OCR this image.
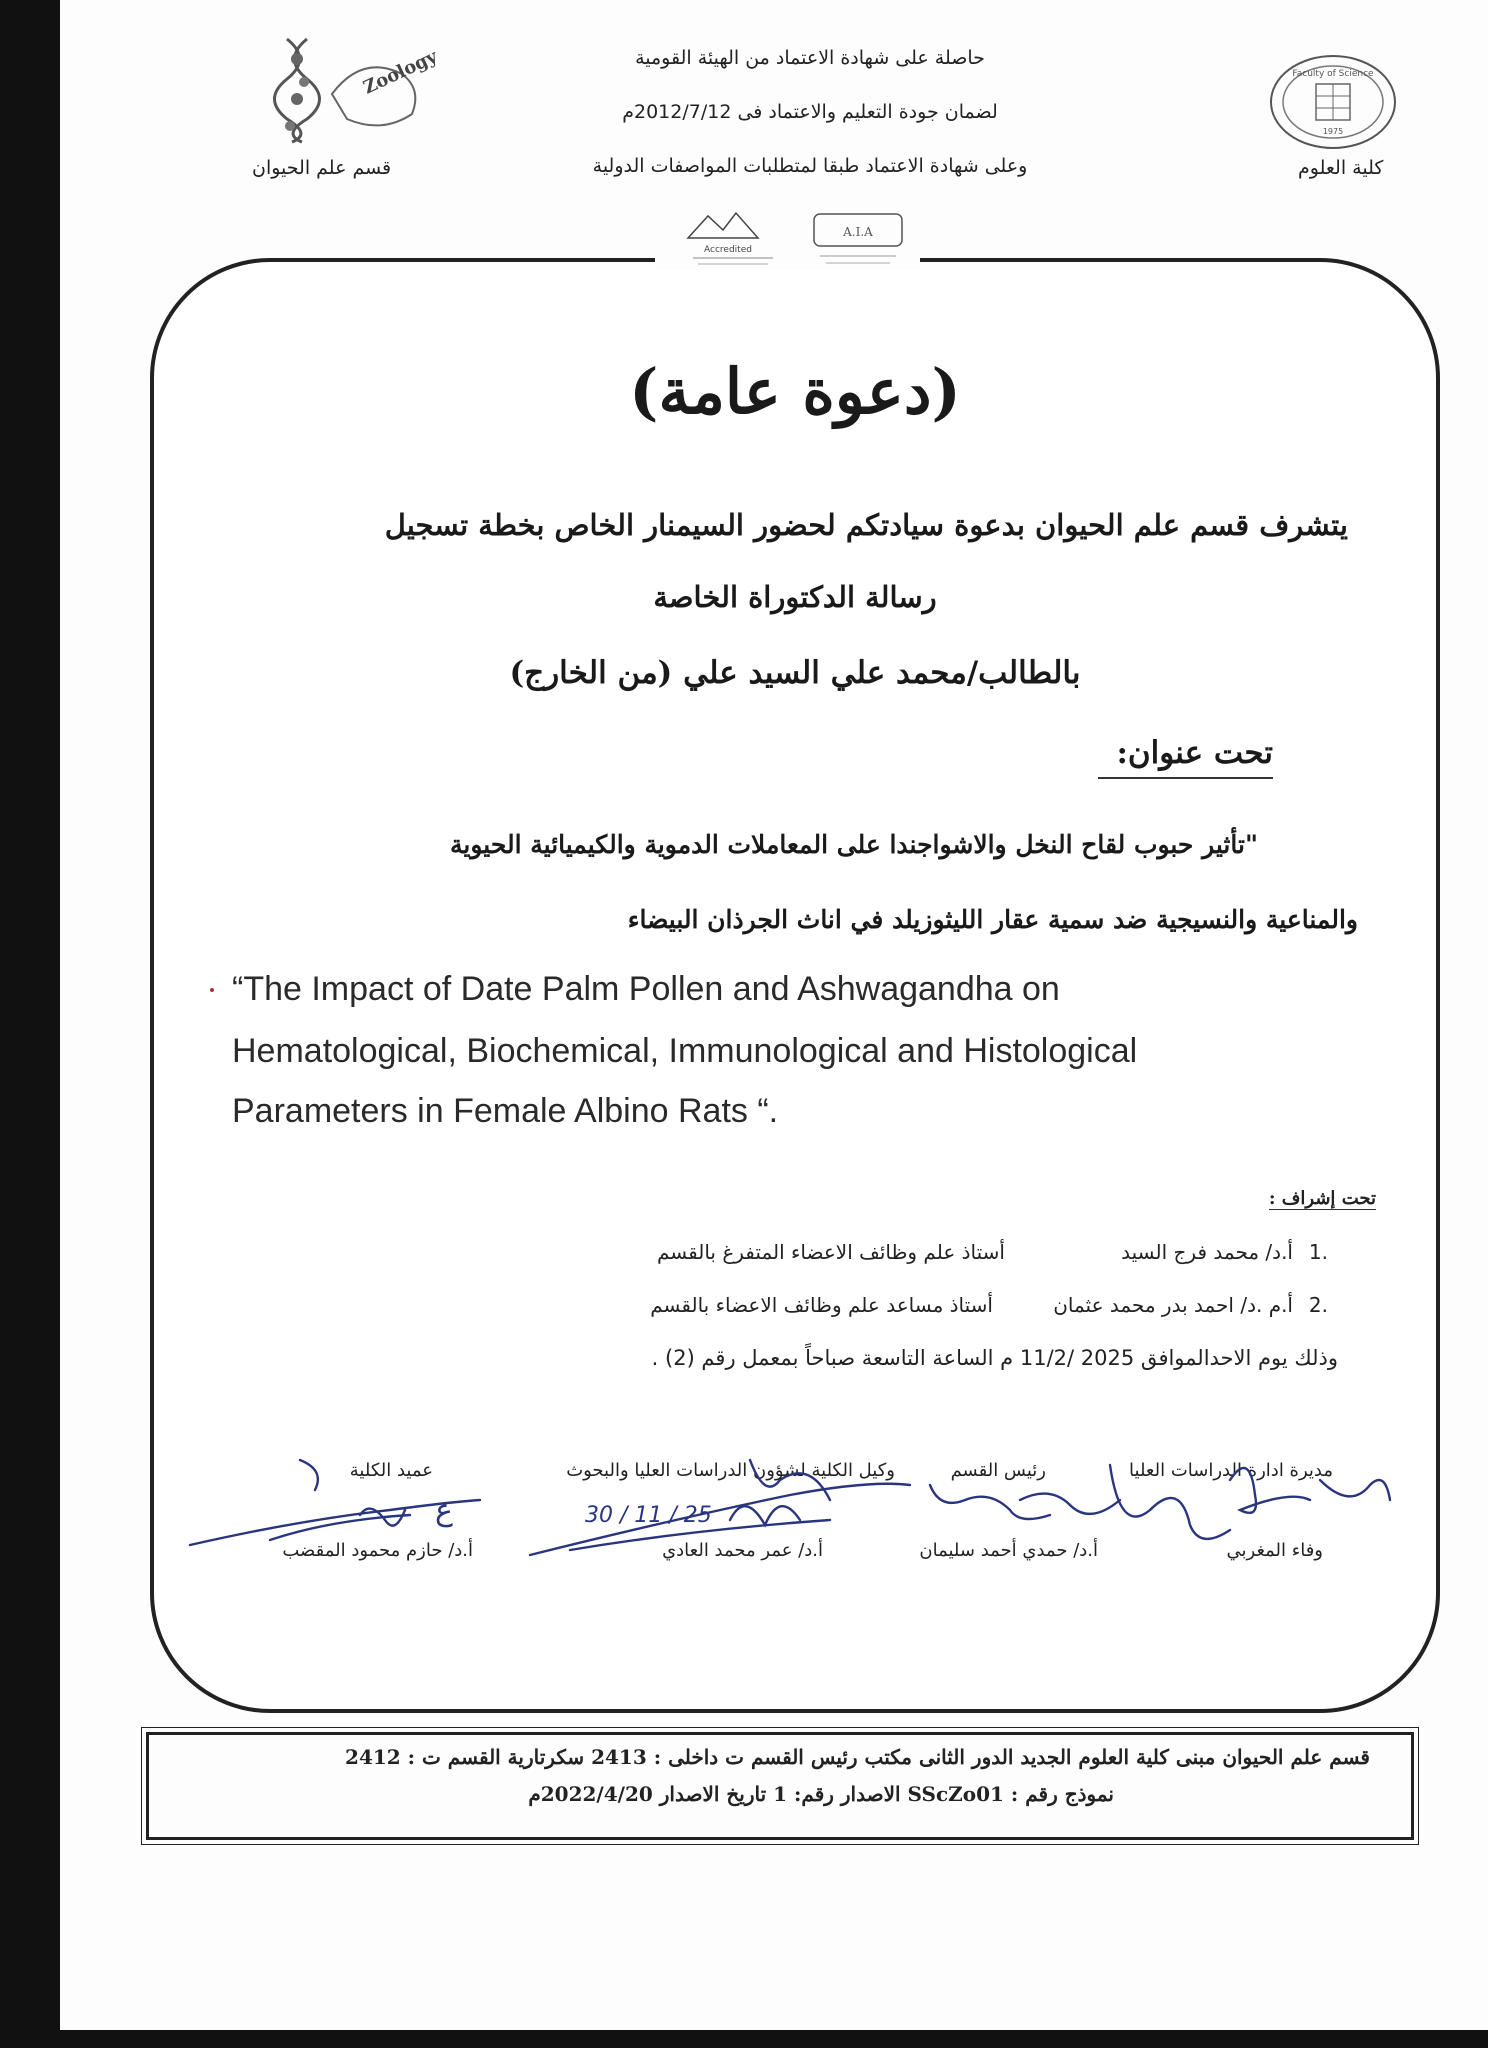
Faculty of Science
1975
كلية العلوم
Zoology
قسم علم الحيوان
حاصلة على شهادة الاعتماد من الهيئة القومية
لضمان جودة التعليم والاعتماد فى 2012/7/12م
وعلى شهادة الاعتماد طبقا لمتطلبات المواصفات الدولية
Accredited
A.I.A
(دعوة عامة)
يتشرف قسم علم الحيوان بدعوة سيادتكم لحضور السيمنار الخاص بخطة تسجيل
رسالة الدكتوراة الخاصة
بالطالب/محمد علي السيد علي (من الخارج)
تحت عنوان:
"تأثير حبوب لقاح النخل والاشواجندا على المعاملات الدموية والكيميائية الحيوية
والمناعية والنسيجية ضد سمية عقار الليثوزيلد في اناث الجرذان البيضاء
“The Impact of Date Palm Pollen and Ashwagandha on
Hematological, Biochemical, Immunological and Histological
Parameters in Female Albino Rats “.
تحت إشراف :
.1
أ.د/ محمد فرج السيد
أستاذ علم وظائف الاعضاء المتفرغ بالقسم
.2
أ.م .د/ احمد بدر محمد عثمان
أستاذ مساعد علم وظائف الاعضاء بالقسم
وذلك يوم الاحدالموافق 2025 /11/2 م الساعة التاسعة صباحاً بمعمل رقم (2) .
مديرة ادارة الدراسات العليا
رئيس القسم
وكيل الكلية لشؤون الدراسات العليا والبحوث
عميد الكلية
30 / 11 / 25
ع
وفاء المغربي
أ.د/ حمدي أحمد سليمان
أ.د/ عمر محمد العادي
أ.د/ حازم محمود المقضب
قسم علم الحيوان مبنى كلية العلوم الجديد الدور الثانى مكتب رئيس القسم ت داخلى : 2413 سكرتارية القسم ت : 2412
نموذج رقم : SScZo01 الاصدار رقم: 1 تاريخ الاصدار 2022/4/20م
